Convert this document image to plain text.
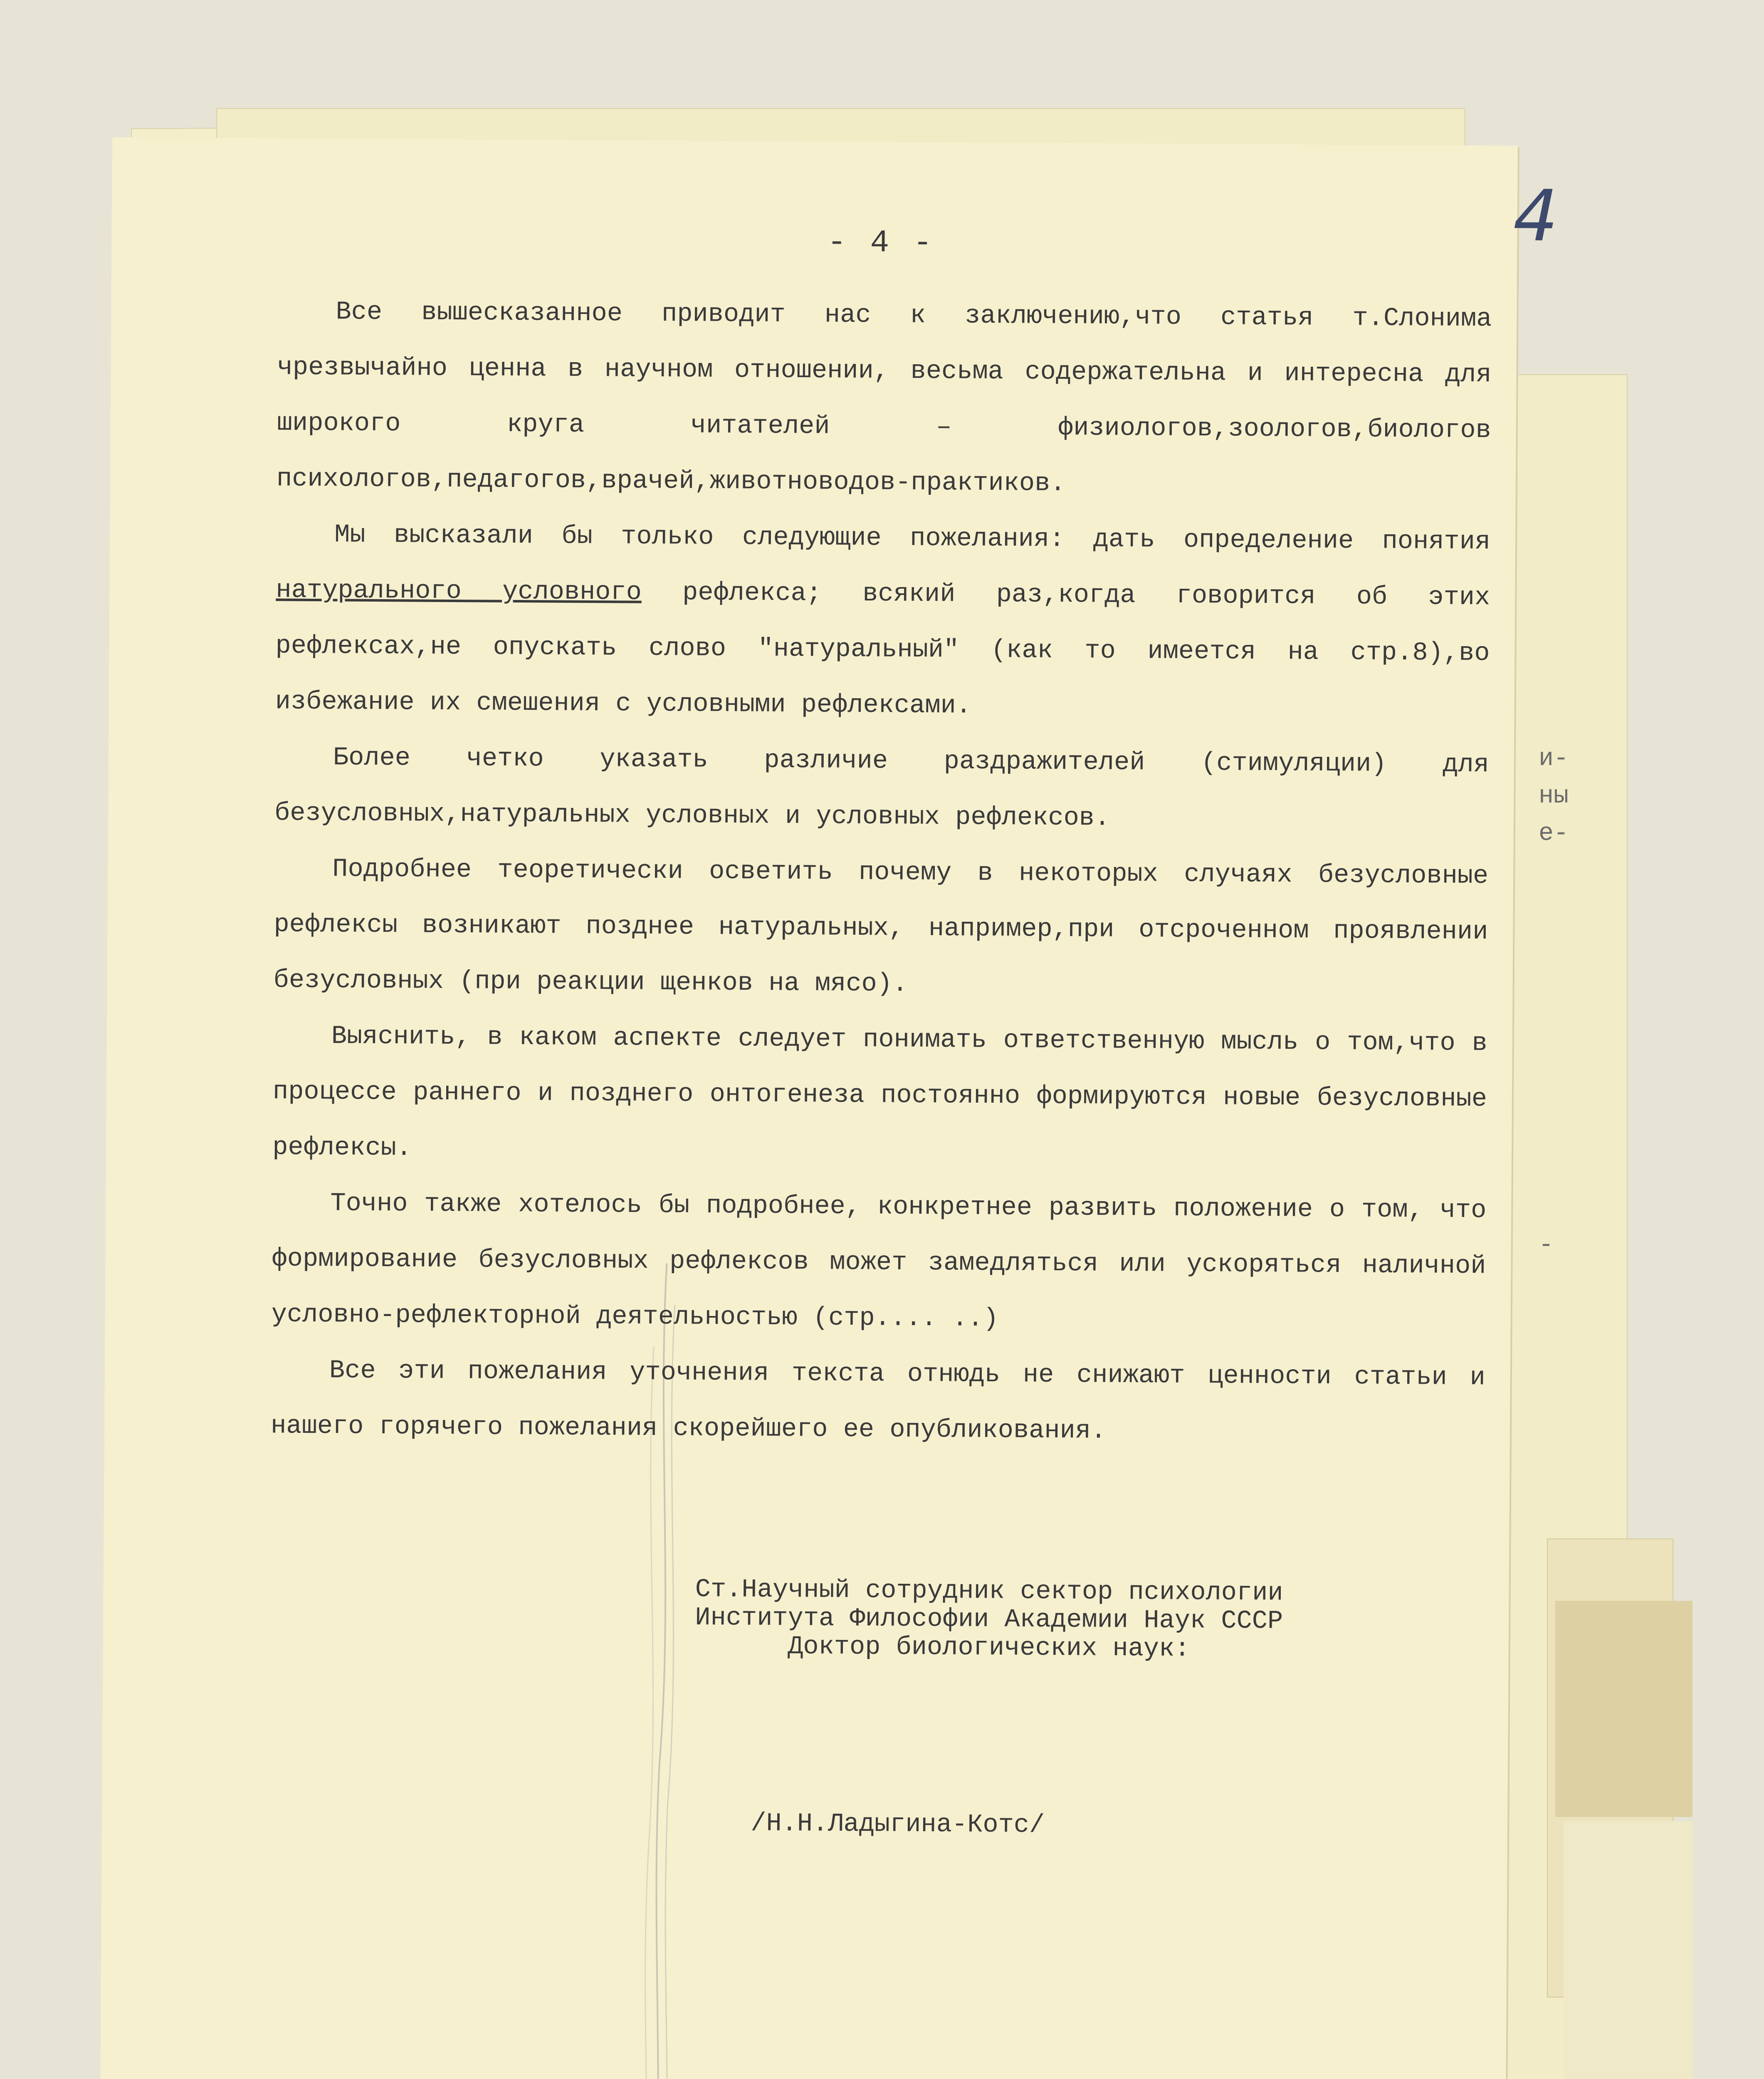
и-
ны
е-
-
- 4 -	4

Все вышесказанное приводит нас к заключению,что статья т.Слонима чрезвычайно ценна в научном отношении, весьма содержательна и интересна для широкого круга читателей – физиологов,зоологов,биологов психологов,педагогов,врачей,животноводов-практиков.

Мы высказали бы только следующие пожелания: дать определение понятия натурального условного рефлекса; всякий раз,когда говорится об этих рефлексах,не опускать слово "натуральный" (как то имеется на стр.8),во избежание их смешения с условными рефлексами.

Более четко указать различие раздражителей (стимуляции) для безусловных,натуральных условных и условных рефлексов.

Подробнее теоретически осветить почему в некоторых случаях безусловные рефлексы возникают позднее натуральных, например,при отсроченном проявлении безусловных (при реакции щенков на мясо).

Выяснить, в каком аспекте следует понимать ответственную мысль о том,что в процессе раннего и позднего онтогенеза постоянно формируются новые безусловные рефлексы.

Точно также хотелось бы подробнее, конкретнее развить положение о том, что формирование безусловных рефлексов может замедляться или ускоряться наличной условно-рефлекторной деятельностью (стр.... ..)

Все эти пожелания уточнения текста отнюдь не снижают ценности статьи и нашего горячего пожелания скорейшего ее опубликования.

Ст.Научный сотрудник сектор психологии
Института Философии Академии Наук СССР
Доктор биологических наук:
/Н.Н.Ладыгина-Котс/
